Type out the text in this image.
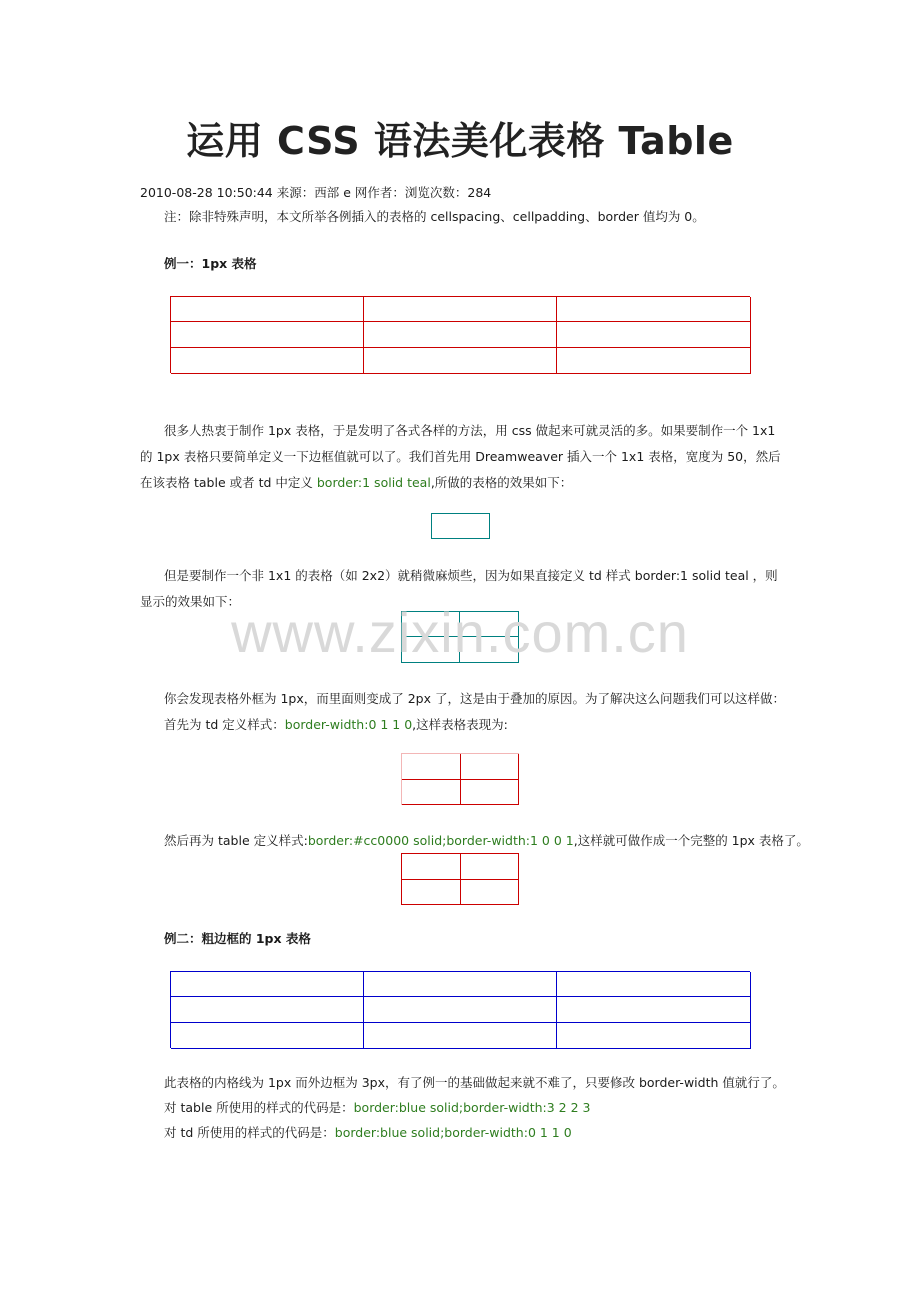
运用 CSS 语法美化表格 Table
2010-08-28 10:50:44 来源：西部 e 网作者：浏览次数：284
注：除非特殊声明，本文所举各例插入的表格的 cellspacing、cellpadding、border 值均为 0。
例一：1px 表格
很多人热衷于制作 1px 表格，于是发明了各式各样的方法，用 css 做起来可就灵活的多。如果要制作一个 1x1 的 1px 表格只要简单定义一下边框值就可以了。我们首先用 Dreamweaver 插入一个 1x1 表格，宽度为 50，然后在该表格 table 或者 td 中定义 border:1 solid teal,所做的表格的效果如下：
但是要制作一个非 1x1 的表格（如 2x2）就稍微麻烦些，因为如果直接定义 td 样式 border:1 solid teal ，则显示的效果如下：
你会发现表格外框为 1px，而里面则变成了 2px 了，这是由于叠加的原因。为了解决这么问题我们可以这样做：
首先为 td 定义样式：border-width:0 1 1 0,这样表格表现为:
然后再为 table 定义样式:border:#cc0000 solid;border-width:1 0 0 1,这样就可做作成一个完整的 1px 表格了。
例二：粗边框的 1px 表格
此表格的内格线为 1px 而外边框为 3px，有了例一的基础做起来就不难了，只要修改 border-width 值就行了。
对 table 所使用的样式的代码是：border:blue solid;border-width:3 2 2 3
对 td 所使用的样式的代码是：border:blue solid;border-width:0 1 1 0
www.zixin.com.cn
